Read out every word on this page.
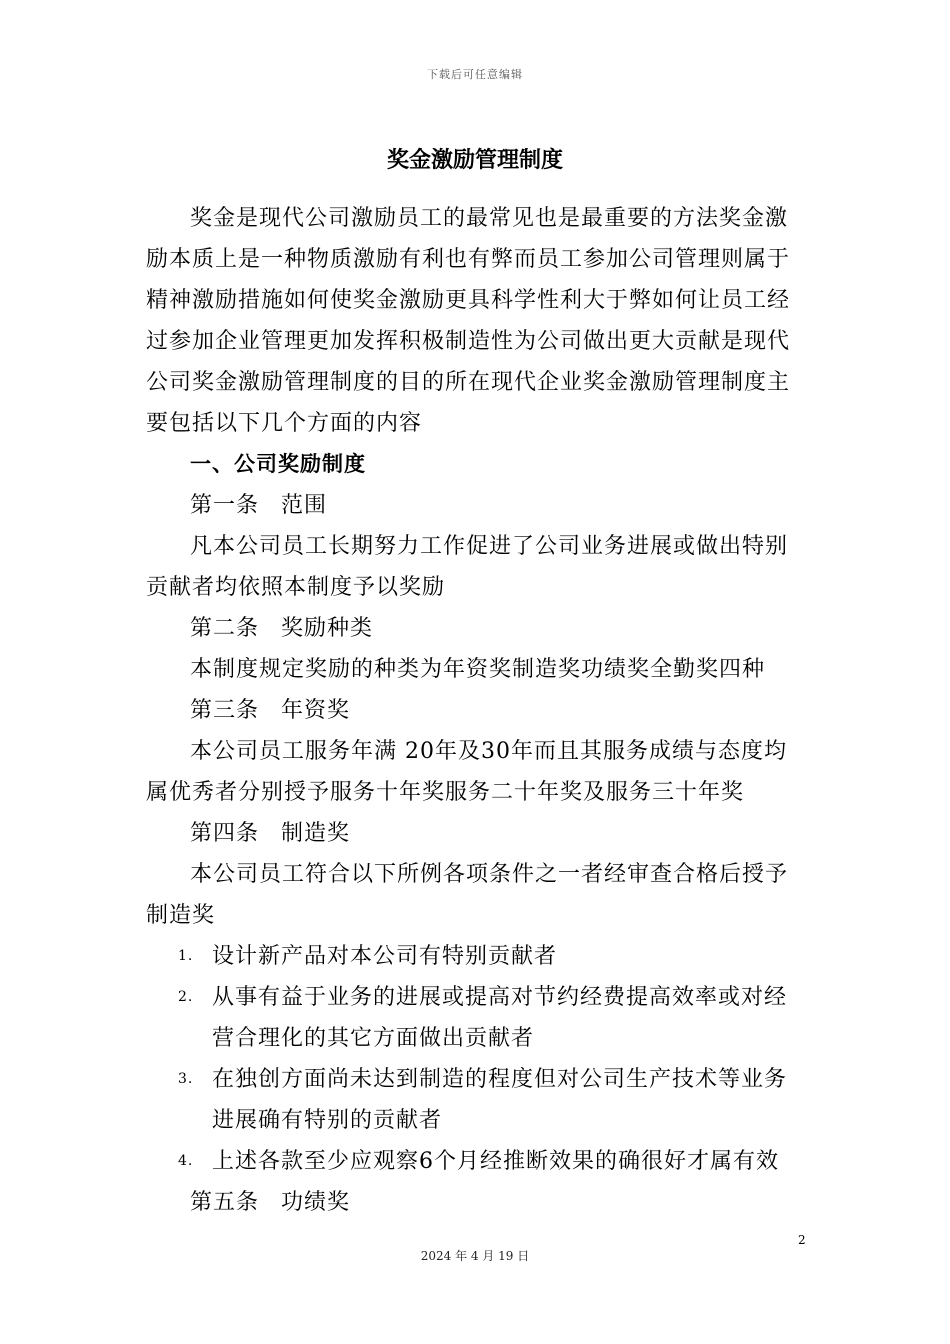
下载后可任意编辑
奖金激励管理制度

奖金是现代公司激励员工的最常见也是最重要的方法奖金激励本质上是一种物质激励有利也有弊而员工参加公司管理则属于精神激励措施如何使奖金激励更具科学性利大于弊如何让员工经过参加企业管理更加发挥积极制造性为公司做出更大贡献是现代公司奖金激励管理制度的目的所在现代企业奖金激励管理制度主要包括以下几个方面的内容

一、公司奖励制度

第一条 范围

凡本公司员工长期努力工作促进了公司业务进展或做出特别贡献者均依照本制度予以奖励

第二条 奖励种类

本制度规定奖励的种类为年资奖制造奖功绩奖全勤奖四种

第三条 年资奖

本公司员工服务年满 20年及30年而且其服务成绩与态度均属优秀者分别授予服务十年奖服务二十年奖及服务三十年奖

第四条 制造奖

本公司员工符合以下所例各项条件之一者经审查合格后授予制造奖

1. 设计新产品对本公司有特别贡献者
2. 从事有益于业务的进展或提高对节约经费提高效率或对经
营合理化的其它方面做出贡献者
3. 在独创方面尚未达到制造的程度但对公司生产技术等业务
进展确有特别的贡献者
4. 上述各款至少应观察6个月经推断效果的确很好才属有效

第五条 功绩奖

2
2024 年 4 月 19 日
